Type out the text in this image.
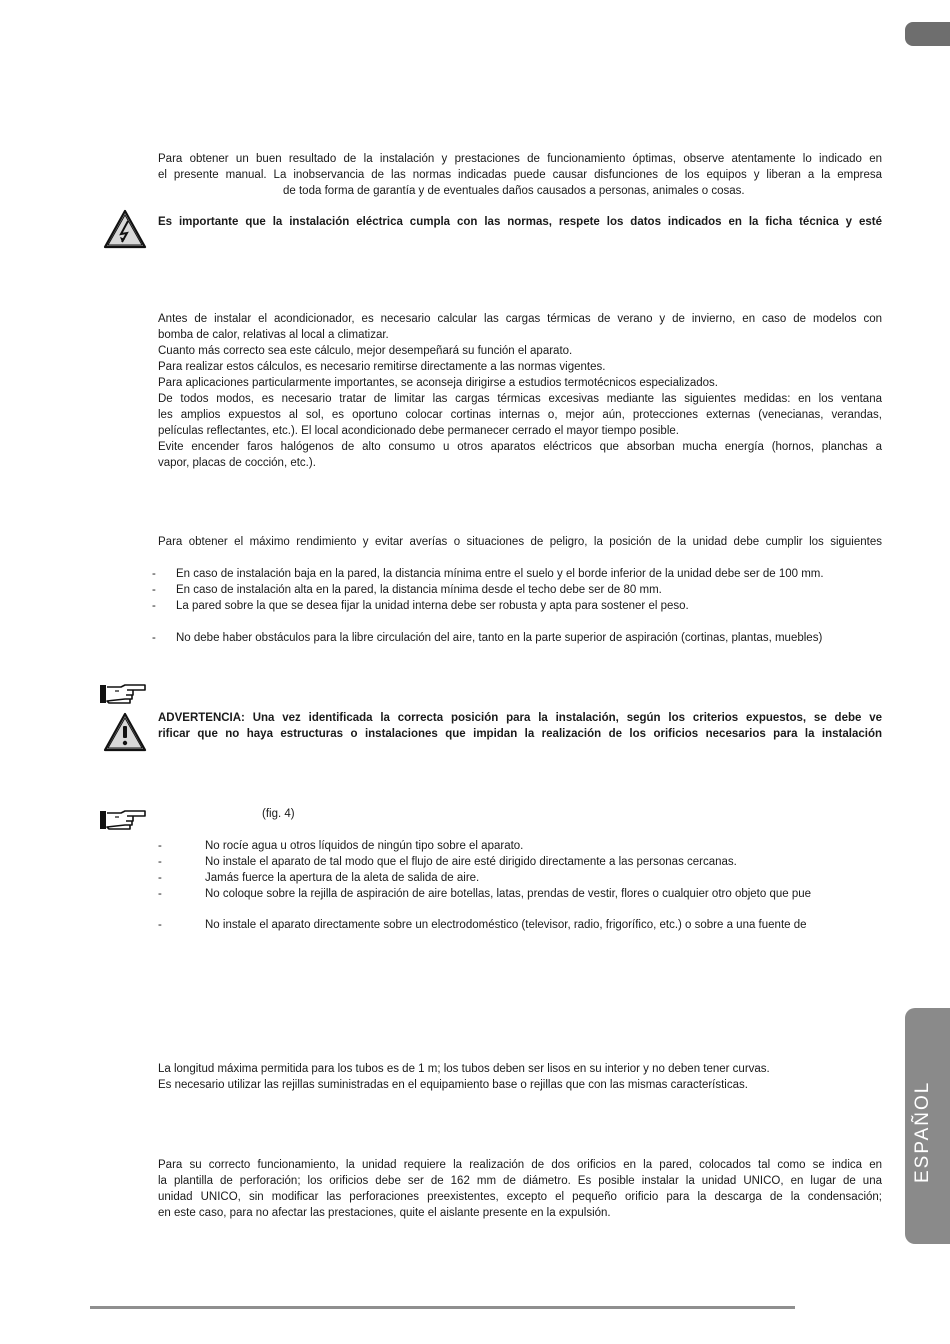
ESPAÑOL
Para obtener un buen resultado de la instalación y prestaciones de funcionamiento óptimas, observe atentamente lo indicado en
el presente manual. La inobservancia de las normas indicadas puede causar disfunciones de los equipos y liberan a la empresa
de toda forma de garantía y de eventuales daños causados a personas, animales o cosas.
Es importante que la instalación eléctrica cumpla con las normas, respete los datos indicados en la ficha técnica y esté
Antes de instalar el acondicionador, es necesario calcular las cargas térmicas de verano y de invierno, en caso de modelos con
bomba de calor, relativas al local a climatizar.
Cuanto más correcto sea este cálculo, mejor desempeñará su función el aparato.
Para realizar estos cálculos, es necesario remitirse directamente a las normas vigentes.
Para aplicaciones particularmente importantes, se aconseja dirigirse a estudios termotécnicos especializados.
De todos modos, es necesario tratar de limitar las cargas térmicas excesivas mediante las siguientes medidas: en los ventana
les amplios expuestos al sol, es oportuno colocar cortinas internas o, mejor aún, protecciones externas (venecianas, verandas,
películas reflectantes, etc.). El local acondicionado debe permanecer cerrado el mayor tiempo posible.
Evite encender faros halógenos de alto consumo u otros aparatos eléctricos que absorban mucha energía (hornos, planchas a
vapor, placas de cocción, etc.).
Para obtener el máximo rendimiento y evitar averías o situaciones de peligro, la posición de la unidad debe cumplir los siguientes
- En caso de instalación baja en la pared, la distancia mínima entre el suelo y el borde inferior de la unidad debe ser de 100 mm.
- En caso de instalación alta en la pared, la distancia mínima desde el techo debe ser de 80 mm.
- La pared sobre la que se desea fijar la unidad interna debe ser robusta y apta para sostener el peso.
- No debe haber obstáculos para la libre circulación del aire, tanto en la parte superior de aspiración (cortinas, plantas, muebles)
ADVERTENCIA: Una vez identificada la correcta posición para la instalación, según los criterios expuestos, se debe ve
rificar que no haya estructuras o instalaciones que impidan la realización de los orificios necesarios para la instalación
(fig. 4)
-	No rocíe agua u otros líquidos de ningún tipo sobre el aparato.
-	No instale el aparato de tal modo que el flujo de aire esté dirigido directamente a las personas cercanas.
-	Jamás fuerce la apertura de la aleta de salida de aire.
-	No coloque sobre la rejilla de aspiración de aire botellas, latas, prendas de vestir, flores o cualquier otro objeto que pue
-	No instale el aparato directamente sobre un electrodoméstico (televisor, radio, frigorífico, etc.) o sobre a una fuente de
La longitud máxima permitida para los tubos es de 1 m; los tubos deben ser lisos en su interior y no deben tener curvas.
Es necesario utilizar las rejillas suministradas en el equipamiento base o rejillas que con las mismas características.
Para su correcto funcionamiento, la unidad requiere la realización de dos orificios en la pared, colocados tal como se indica en
la plantilla de perforación; los orificios debe ser de 162 mm de diámetro. Es posible instalar la unidad UNICO, en lugar de una
unidad UNICO, sin modificar las perforaciones preexistentes, excepto el pequeño orificio para la descarga de la condensación;
en este caso, para no afectar las prestaciones, quite el aislante presente en la expulsión.
